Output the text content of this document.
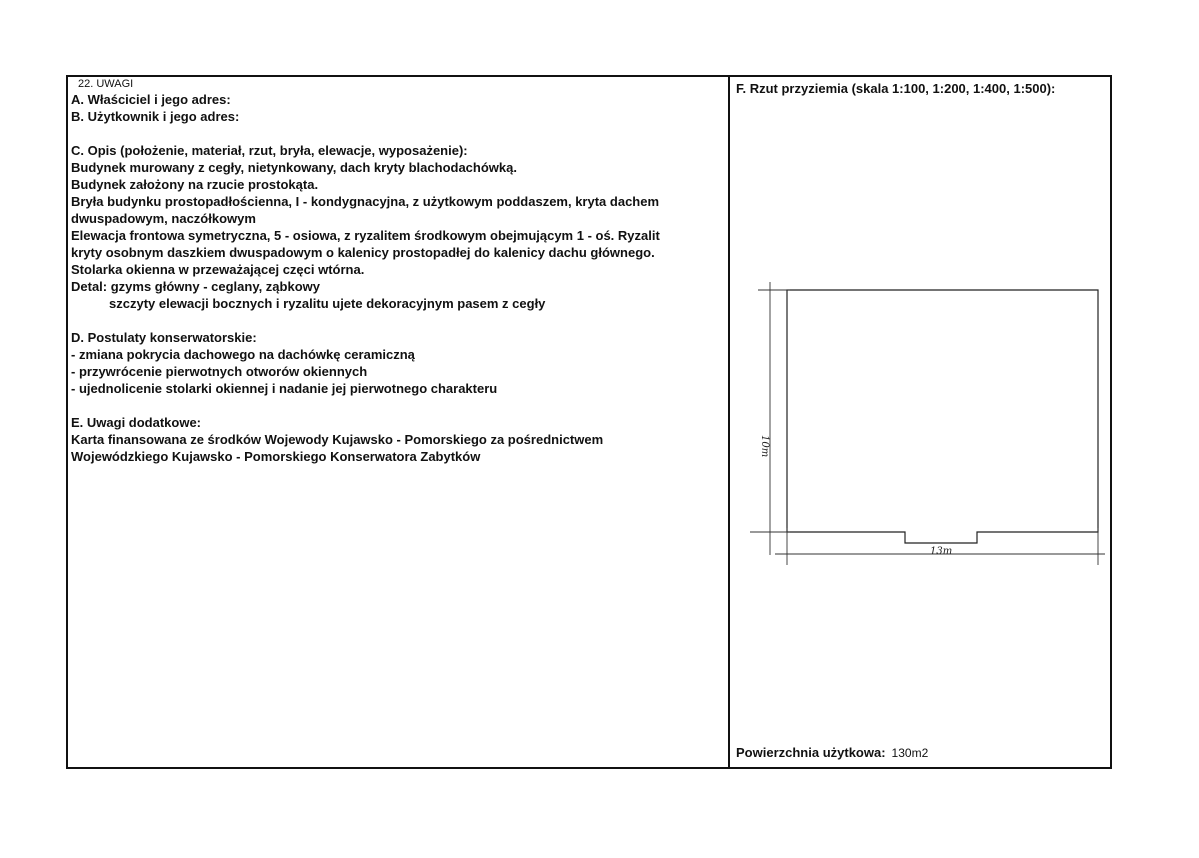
22. UWAGI
A. Właściciel i jego adres:
B. Użytkownik i jego adres:
C. Opis (położenie, materiał, rzut, bryła, elewacje, wyposażenie):
Budynek murowany z cegły, nietynkowany, dach kryty blachodachówką.
Budynek założony na rzucie prostokąta.
Bryła budynku prostopadłościenna, I - kondygnacyjna, z użytkowym poddaszem, kryta dachem
dwuspadowym, naczółkowym
Elewacja frontowa symetryczna, 5 - osiowa, z ryzalitem środkowym obejmującym 1 - oś. Ryzalit
kryty osobnym daszkiem dwuspadowym o kalenicy prostopadłej do kalenicy dachu głównego.
Stolarka okienna w przeważającej częci wtórna.
Detal: gzyms główny - ceglany, ząbkowy
szczyty elewacji bocznych i ryzalitu ujete dekoracyjnym pasem z cegły
D. Postulaty konserwatorskie:
- zmiana pokrycia dachowego na dachówkę ceramiczną
- przywrócenie pierwotnych otworów okiennych
- ujednolicenie stolarki okiennej i nadanie jej pierwotnego charakteru
E. Uwagi dodatkowe:
Karta finansowana ze środków Wojewody Kujawsko - Pomorskiego za pośrednictwem
Wojewódzkiego Kujawsko - Pomorskiego Konserwatora Zabytków
F. Rzut przyziemia (skala 1:100, 1:200, 1:400, 1:500):
13m
10m
Powierzchnia użytkowa: 130m2
